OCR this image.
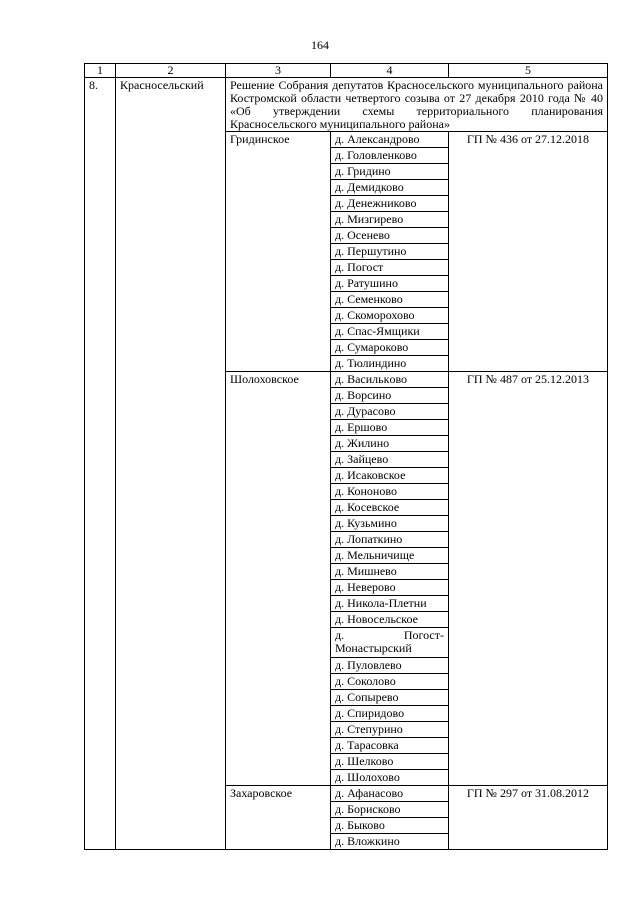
164
1	2	3	4	5
8.	Красносельский	Решение Собрания депутатов Красносельского муниципального района Костромской области четвертого созыва от 27 декабря 2010 года № 40 «Об утверждении схемы территориального планирования Красносельского муниципального района»		
		Гридинское	д. Александрово	ГП № 436 от 27.12.2018
			д. Головленково	
			д. Гридино	
			д. Демидково	
			д. Денежниково	
			д. Мизгирево	
			д. Осенево	
			д. Першутино	
			д. Погост	
			д. Ратушино	
			д. Семенково	
			д. Скоморохово	
			д. Спас-Ямщики	
			д. Сумароково	
			д. Тюлиндино	
		Шолоховское	д. Василькoво	ГП № 487 от 25.12.2013
			д. Ворсино	
			д. Дурасово	
			д. Ершово	
			д. Жилино	
			д. Зайцево	
			д. Исаковское	
			д. Кононово	
			д. Косевское	
			д. Кузьмино	
			д. Лопаткино	
			д. Мельничище	
			д. Мишнево	
			д. Неверово	
			д. Никола-Плетни	
			д. Новосельское	

			д. Погост-
Монастырский	

			д. Пуловлево	
			д. Соколово	
			д. Сопырево	
			д. Спиридово	
			д. Степурино	
			д. Тарасовка	
			д. Шелково	
			д. Шолохово	
		Захаровское	д. Афанасово	ГП № 297 от 31.08.2012
			д. Борисково	
			д. Быково	
			д. Вложкино	
